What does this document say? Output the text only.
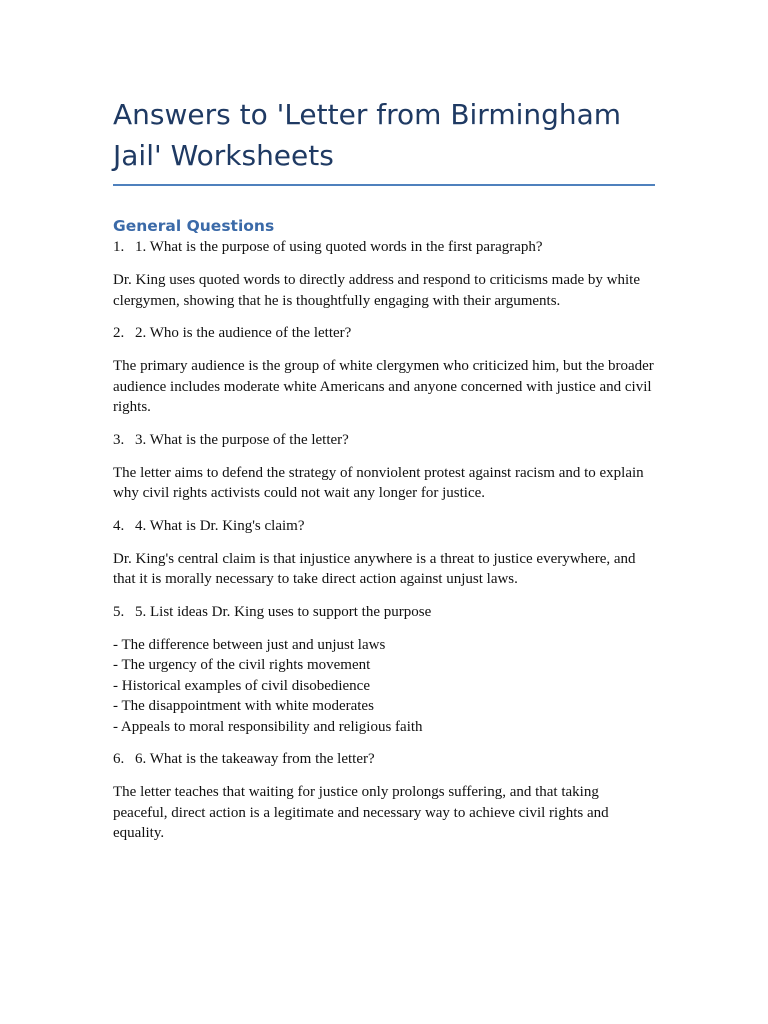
Answers to 'Letter from Birmingham Jail' Worksheets
General Questions
1. 1. What is the purpose of using quoted words in the first paragraph?

Dr. King uses quoted words to directly address and respond to criticisms made by white clergymen, showing that he is thoughtfully engaging with their arguments.

2. 2. Who is the audience of the letter?

The primary audience is the group of white clergymen who criticized him, but the broader audience includes moderate white Americans and anyone concerned with justice and civil rights.

3. 3. What is the purpose of the letter?

The letter aims to defend the strategy of nonviolent protest against racism and to explain why civil rights activists could not wait any longer for justice.

4. 4. What is Dr. King's claim?

Dr. King's central claim is that injustice anywhere is a threat to justice everywhere, and that it is morally necessary to take direct action against unjust laws.

5. 5. List ideas Dr. King uses to support the purpose
- The difference between just and unjust laws
- The urgency of the civil rights movement
- Historical examples of civil disobedience
- The disappointment with white moderates
- Appeals to moral responsibility and religious faith
6. 6. What is the takeaway from the letter?

The letter teaches that waiting for justice only prolongs suffering, and that taking peaceful, direct action is a legitimate and necessary way to achieve civil rights and equality.
